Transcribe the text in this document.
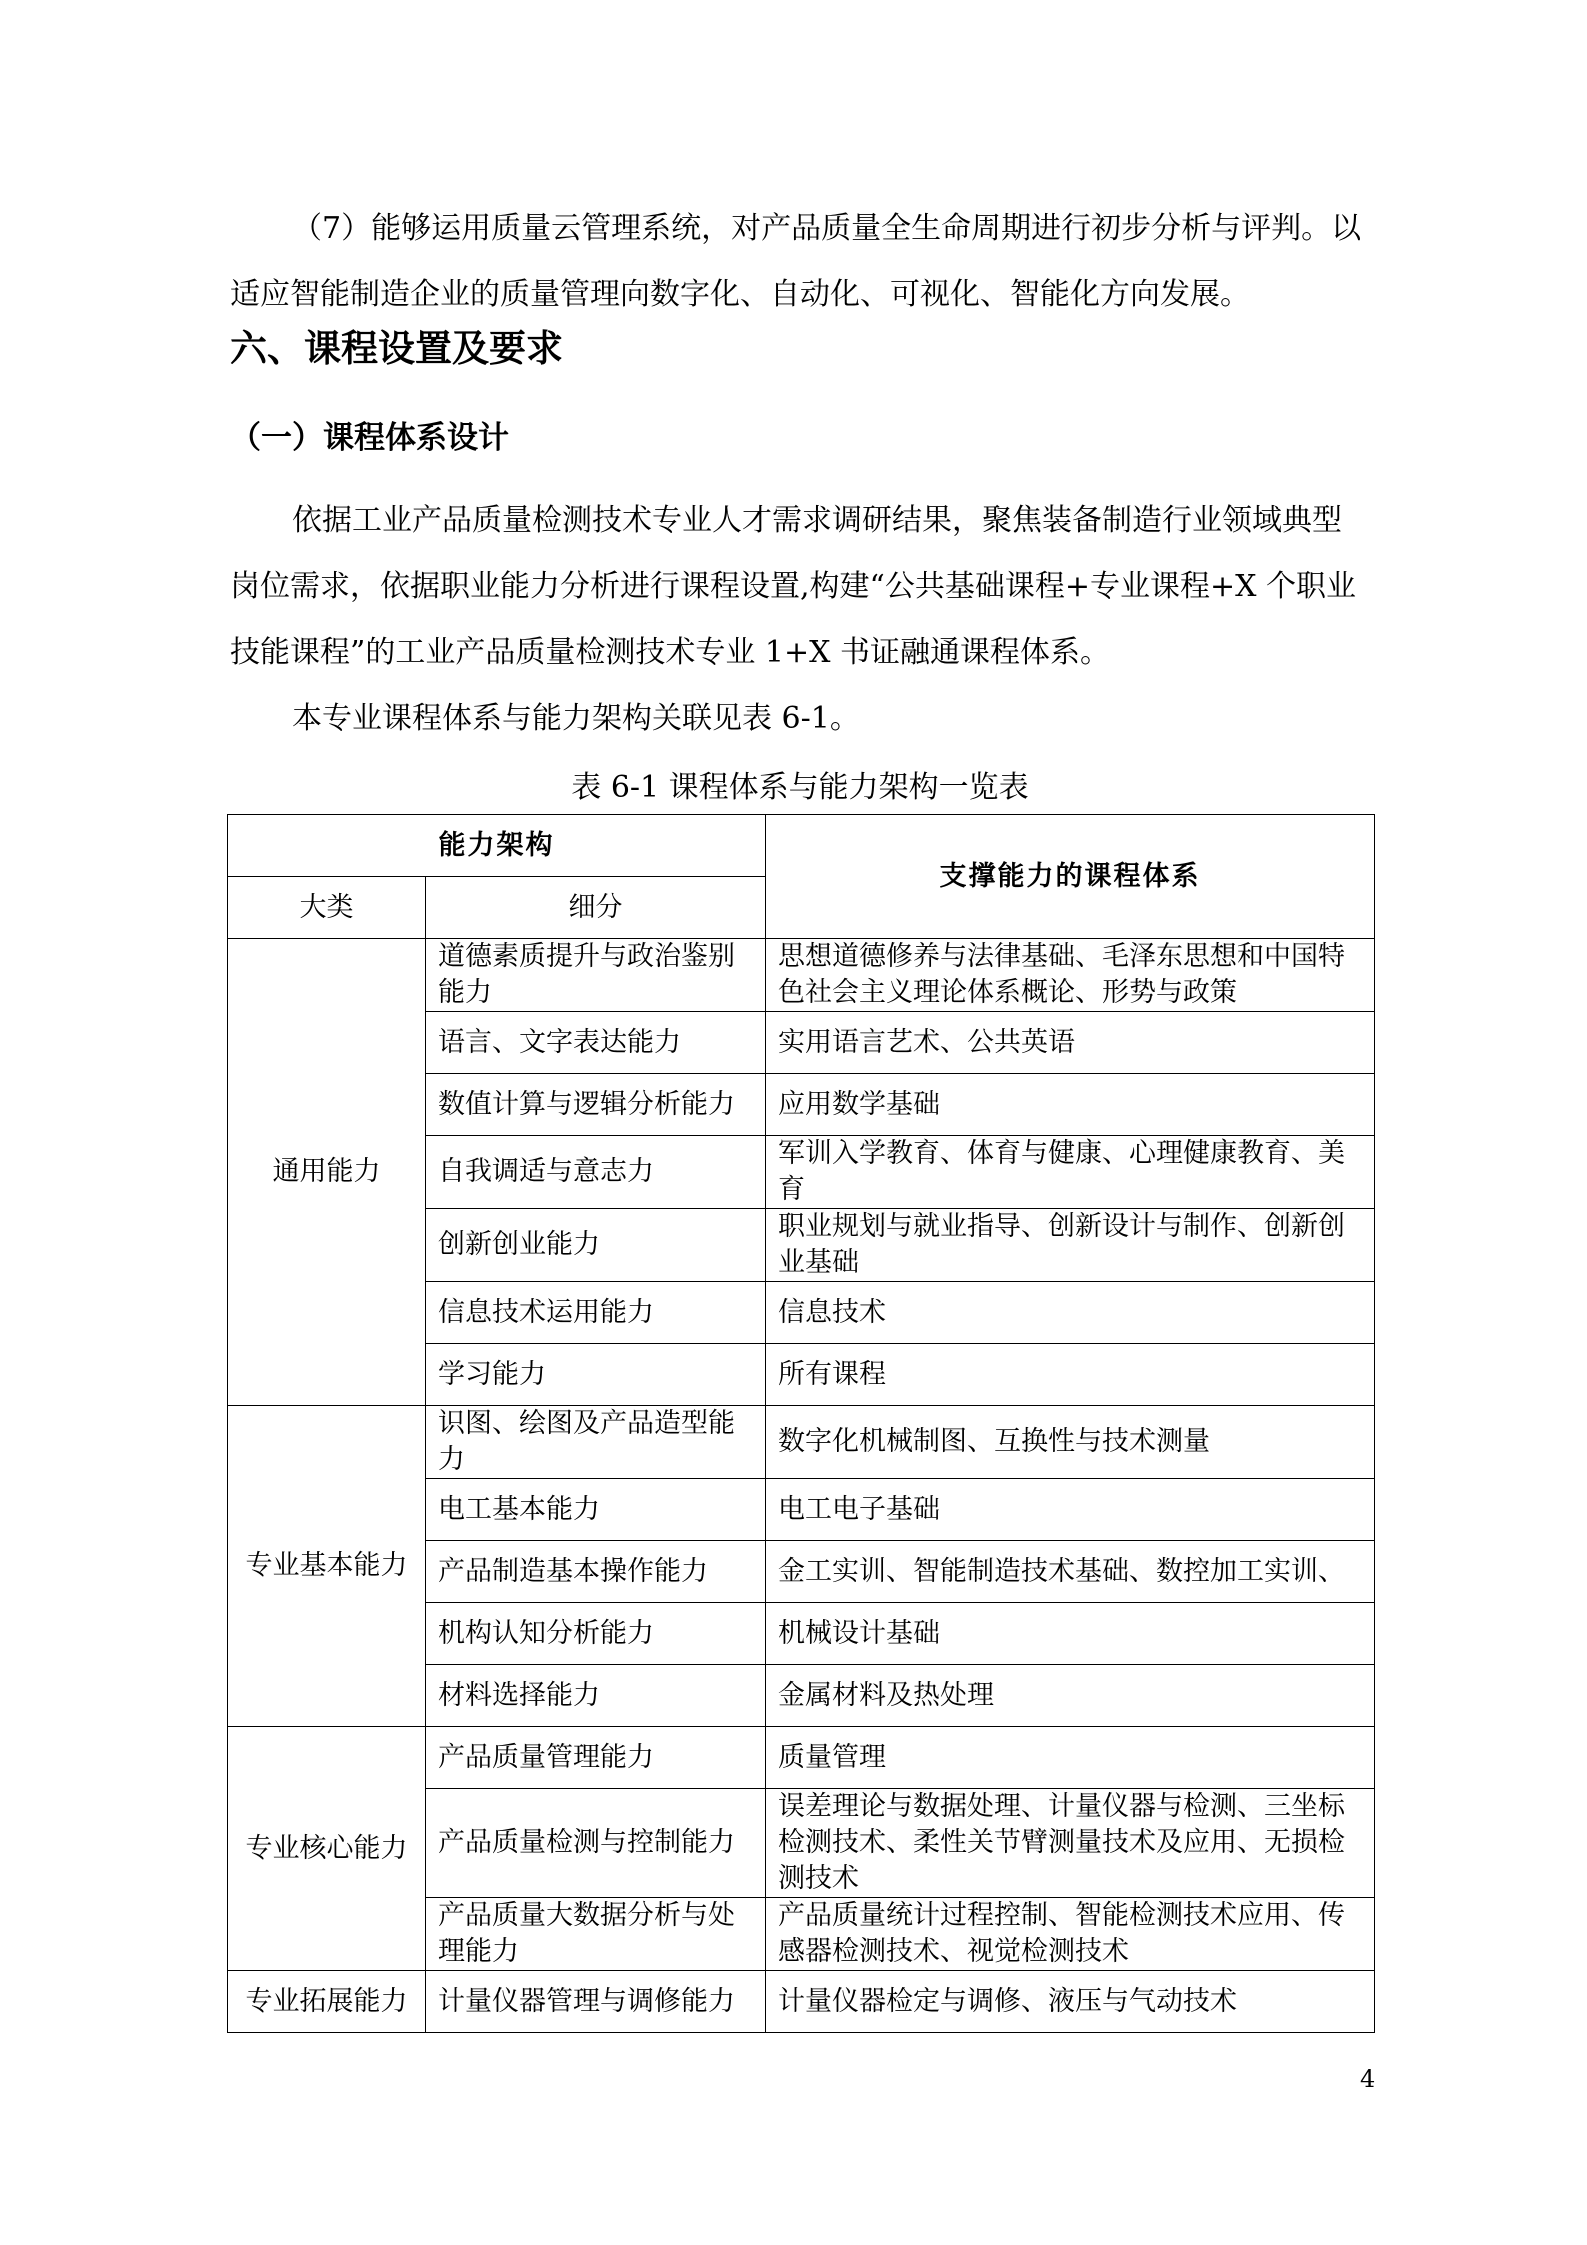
（7）能够运用质量云管理系统，对产品质量全生命周期进行初步分析与评判。以适应智能制造企业的质量管理向数字化、自动化、可视化、智能化方向发展。

六、课程设置及要求
（一）课程体系设计

依据工业产品质量检测技术专业人才需求调研结果，聚焦装备制造行业领域典型岗位需求，依据职业能力分析进行课程设置,构建“公共基础课程+专业课程+X 个职业技能课程”的工业产品质量检测技术专业 1+X 书证融通课程体系。

本专业课程体系与能力架构关联见表 6-1。

表 6-1 课程体系与能力架构一览表

能力架构		支撑能力的课程体系
大类	细分	
通用能力	道德素质提升与政治鉴别能力	思想道德修养与法律基础、毛泽东思想和中国特色社会主义理论体系概论、形势与政策
	语言、文字表达能力	实用语言艺术、公共英语
	数值计算与逻辑分析能力	应用数学基础
	自我调适与意志力	军训入学教育、体育与健康、心理健康教育、美育
	创新创业能力	职业规划与就业指导、创新设计与制作、创新创业基础
	信息技术运用能力	信息技术
	学习能力	所有课程
专业基本能力	识图、绘图及产品造型能力	数字化机械制图、互换性与技术测量
	电工基本能力	电工电子基础
	产品制造基本操作能力	金工实训、智能制造技术基础、数控加工实训、
	机构认知分析能力	机械设计基础
	材料选择能力	金属材料及热处理
专业核心能力	产品质量管理能力	质量管理
	产品质量检测与控制能力	误差理论与数据处理、计量仪器与检测、三坐标检测技术、柔性关节臂测量技术及应用、无损检测技术
	产品质量大数据分析与处理能力	产品质量统计过程控制、智能检测技术应用、传感器检测技术、视觉检测技术
专业拓展能力	计量仪器管理与调修能力	计量仪器检定与调修、液压与气动技术
4
